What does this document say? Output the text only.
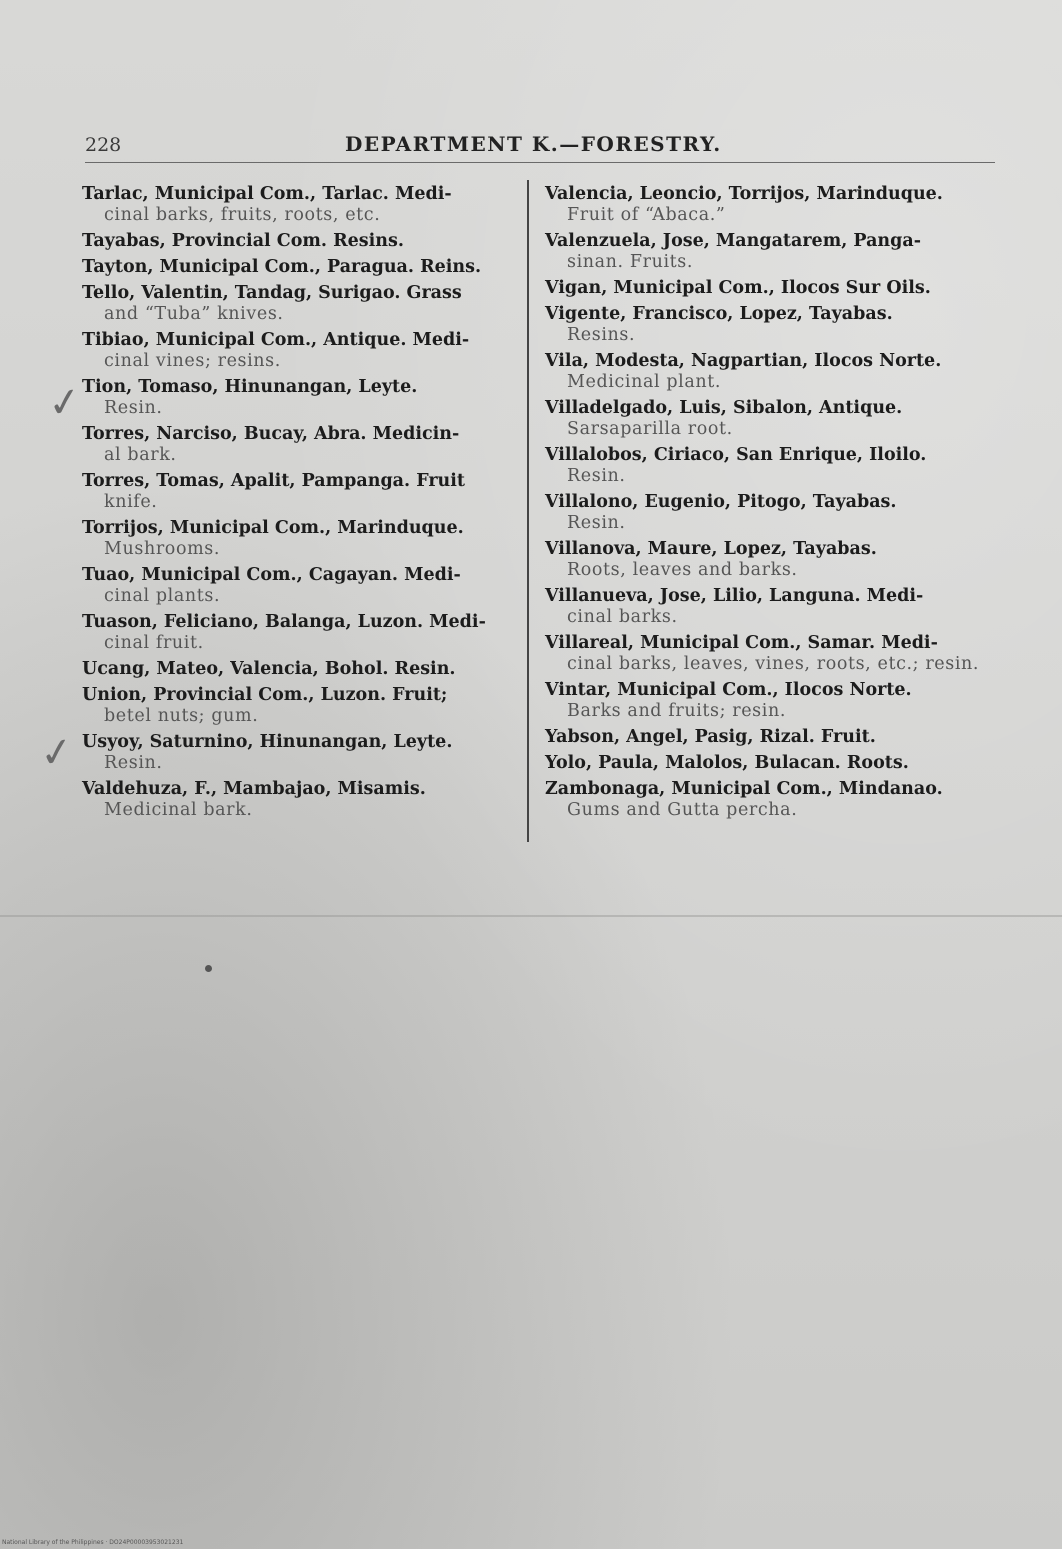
228	DEPARTMENT K.—FORESTRY.
Tarlac, Municipal Com., Tarlac. Medi-
cinal barks, fruits, roots, etc.
Tayabas, Provincial Com. Resins.
Tayton, Municipal Com., Paragua. Reins.
Tello, Valentin, Tandag, Surigao. Grass
and “Tuba” knives.
Tibiao, Municipal Com., Antique. Medi-
cinal vines; resins.
Tion, Tomaso, Hinunangan, Leyte.
Resin.
Torres, Narciso, Bucay, Abra. Medicin-
al bark.
Torres, Tomas, Apalit, Pampanga. Fruit
knife.
Torrijos, Municipal Com., Marinduque.
Mushrooms.
Tuao, Municipal Com., Cagayan. Medi-
cinal plants.
Tuason, Feliciano, Balanga, Luzon. Medi-
cinal fruit.
Ucang, Mateo, Valencia, Bohol. Resin.
Union, Provincial Com., Luzon. Fruit;
betel nuts; gum.
Usyoy, Saturnino, Hinunangan, Leyte.
Resin.
Valdehuza, F., Mambajao, Misamis.
Medicinal bark.
Valencia, Leoncio, Torrijos, Marinduque.
Fruit of “Abaca.”
Valenzuela, Jose, Mangatarem, Panga-
sinan. Fruits.
Vigan, Municipal Com., Ilocos Sur Oils.
Vigente, Francisco, Lopez, Tayabas.
Resins.
Vila, Modesta, Nagpartian, Ilocos Norte.
Medicinal plant.
Villadelgado, Luis, Sibalon, Antique.
Sarsaparilla root.
Villalobos, Ciriaco, San Enrique, Iloilo.
Resin.
Villalono, Eugenio, Pitogo, Tayabas.
Resin.
Villanova, Maure, Lopez, Tayabas.
Roots, leaves and barks.
Villanueva, Jose, Lilio, Languna. Medi-
cinal barks.
Villareal, Municipal Com., Samar. Medi-
cinal barks, leaves, vines, roots, etc.; resin.
Vintar, Municipal Com., Ilocos Norte.
Barks and fruits; resin.
Yabson, Angel, Pasig, Rizal. Fruit.
Yolo, Paula, Malolos, Bulacan. Roots.
Zambonaga, Municipal Com., Mindanao.
Gums and Gutta percha.
✓
✓
National Library of the Philippines · DO24P00003953021231
